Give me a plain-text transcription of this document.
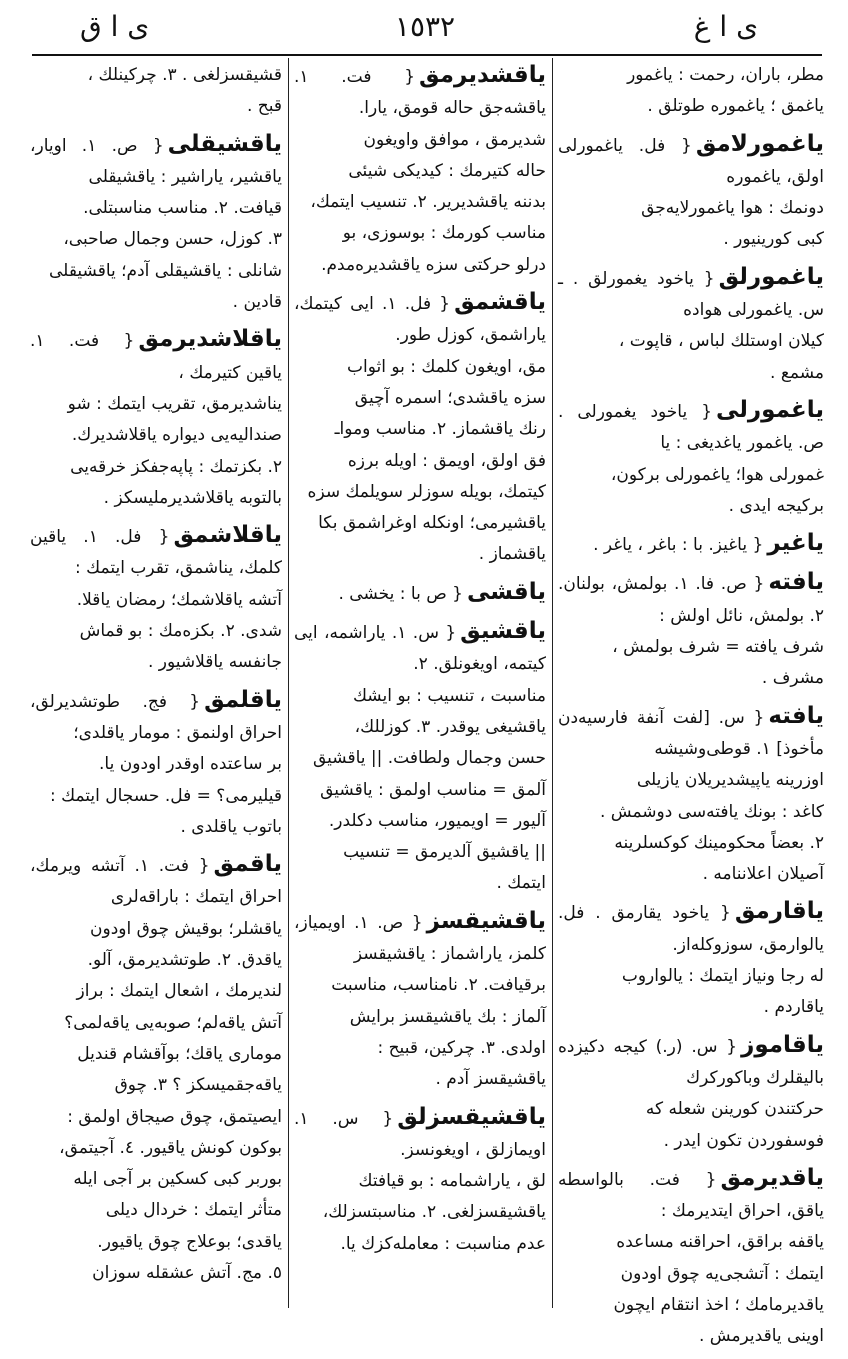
ی ا ق	١٥٣٢	ی ا غ
مطر، باران، رحمت : یاغمور
یاغمق ؛ یاغموره طوتلق .
یاغمورلامق{ فل. یاغمورلی اولق، یاغموره
دونمك : هوا یاغمورلایه‌جق
کبی کورینیور .
یاغمورلق{ یاخود یغمورلق . ـ س. یاغمورلی هواده
کیلان اوستلك لباس ، قاپوت ،
مشمع .
یاغمورلی{ یاخود یغمورلی . ص. یاغمور یاغدیغی : یا
غمورلی هوا؛ یاغمورلی برکون،
برکیجه ایدی .
یاغیر{ یاغیز. با : باغر ، یاغر .
یافته{ ص. فا. ١. بولمش، بولنان. ٢. بولمش، نائل اولش :
شرف یافته = شرف بولمش ،
مشرف .
یافته{ س. [لفت آنفة فارسیه‌دن مأخوذ] ١. قوطی‌وشیشه
اوزرینه یاپیشدیریلان یازیلی
کاغد : بونك یافته‌سی دوشمش .
٢. بعضاً محکومینك کوکسلرینه
آصیلان اعلاننامه .
یاقارمق{ یاخود یقارمق . فل. یالوارمق، سوزوکله‌از.
له رجا ونیاز ایتمك : یالواروب
یاقاردم .
یاقاموز{ س. (ر.) کیجه دکیزده بالیقلرك وباکورکرك
حرکتندن کورینن شعله که
فوسفوردن تکون ایدر .
یاقدیرمق{ فت. بالواسطه یاقق، احراق ایتدیرمك :
یاقفه براقق، احراقنه مساعده
ایتمك : آتشجی‌یه چوق اودون
یاقدیرمامك ؛ اخذ انتقام ایچون
اوینی یاقدیرمش .
یاقشدیرمق{ فت. ١. یاقشه‌جق حاله قومق، یارا.
شدیرمق ، موافق واویغون
حاله کتیرمك : کیدیکی شیئی
بدننه یاقشدیریر. ٢. تنسیب ایتمك،
مناسب کورمك : بوسوزی، بو
درلو حرکتی سزه یاقشدیره‌مدم.
یاقشمق{ فل. ١. ایی کیتمك، یاراشمق، کوزل طور.
مق، اویغون کلمك : بو اثواب
سزه یاقشدی؛ اسمره آچیق
رنك یاقشماز. ٢. مناسب ومواـ
فق اولق، اویمق : اویله برزه
کیتمك، بویله سوزلر سویلمك سزه
یاقشیرمی؛ اونکله اوغراشمق بکا
یاقشماز .
یاقشی{ ص با : یخشی .
یاقشیق{ س. ١. یاراشمه، ایی کیتمه، اویغونلق. ٢.
مناسبت ، تنسیب : بو ایشك
یاقشیغی یوقدر. ٣. کوزللك،
حسن وجمال ولطافت. || یاقشیق
آلمق = مناسب اولمق : یاقشیق
آلیور = اویمیور، مناسب دکلدر.
|| یاقشیق آلدیرمق = تنسیب
ایتمك .
یاقشیقسز{ ص. ١. اویمیاز، کلمز، یاراشماز : یاقشیقسز
برقیافت. ٢. نامناسب، مناسبت
آلماز : بك یاقشیقسز برایش
اولدی. ٣. چرکین، قبیح :
یاقشیقسز آدم .
یاقشیقسزلق{ س. ١. اویمازلق ، اویغونسز.
لق ، یاراشمامه : بو قیافتك
یاقشیقسزلغی. ٢. مناسبتسزلك،
عدم مناسبت : معامله‌کزك یا.
قشیقسزلغی . ٣. چرکینلك ،
قبح .
یاقشیقلی{ ص. ١. اویار، یاقشیر، یاراشیر : یاقشیقلی
قیافت. ٢. مناسب مناسبتلی.
٣. کوزل، حسن وجمال صاحبی،
شانلی : یاقشیقلی آدم؛ یاقشیقلی
قادین .
یاقلاشدیرمق{ فت. ١. یاقین کتیرمك ،
یناشدیرمق، تقریب ایتمك : شو
صندالیه‌یی دیواره یاقلاشدیرك.
٢. بکزتمك : پاپه‌جفکز خرقه‌یی
بالتوبه یاقلاشدیرملیسکز .
یاقلاشمق{ فل. ١. یاقین کلمك، یناشمق، تقرب ایتمك :
آتشه یاقلاشمك؛ رمضان یاقلا.
شدی. ٢. بکزه‌مك : بو قماش
جانفسه یاقلاشیور .
یاقلمق{ فج. طوتشدیرلق، احراق اولنمق : مومار یاقلدی؛
بر ساعتده اوقدر اودون یا.
قیلیرمی؟ = فل. حسجال ایتمك :
باتوب یاقلدی .
یاقمق{ فت. ١. آتشه ویرمك، احراق ایتمك : باراقه‌لری
یاقشلر؛ بوقیش چوق اودون
یاقدق. ٢. طوتشدیرمق، آلو.
لندیرمك ، اشعال ایتمك : براز
آتش یاقه‌لم؛ صوبه‌یی یاقه‌لمی؟
مومارى یاقك؛ بوآقشام قندیل
یاقه‌جقمیسکز ؟ ٣. چوق
ایصیتمق، چوق صیجاق اولمق :
بوکون کونش یاقیور. ٤. آجیتمق،
بوربر کبی کسکین بر آجی ایله
متأثر ایتمك : خردال دیلی
یاقدی؛ بوعلاج چوق یاقیور.
٥. مج. آتش عشقله سوزان
